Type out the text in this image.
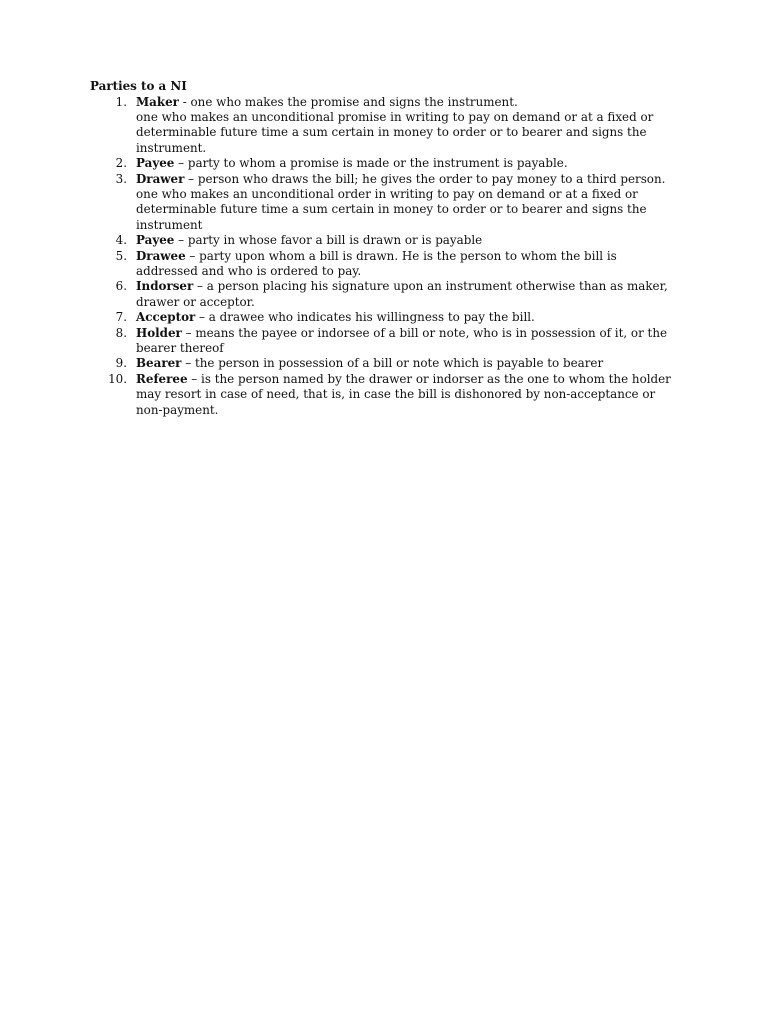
Parties to a NI

1. Maker - one who makes the promise and signs the instrument.
one who makes an unconditional promise in writing to pay on demand or at a fixed or determinable future time a sum certain in money to order or to bearer and signs the instrument.
2. Payee – party to whom a promise is made or the instrument is payable.
3. Drawer – person who draws the bill; he gives the order to pay money to a third person.
one who makes an unconditional order in writing to pay on demand or at a fixed or determinable future time a sum certain in money to order or to bearer and signs the instrument
4. Payee – party in whose favor a bill is drawn or is payable
5. Drawee – party upon whom a bill is drawn. He is the person to whom the bill is addressed and who is ordered to pay.
6. Indorser – a person placing his signature upon an instrument otherwise than as maker, drawer or acceptor.
7. Acceptor – a drawee who indicates his willingness to pay the bill.
8. Holder – means the payee or indorsee of a bill or note, who is in possession of it, or the bearer thereof
9. Bearer – the person in possession of a bill or note which is payable to bearer
10. Referee – is the person named by the drawer or indorser as the one to whom the holder may resort in case of need, that is, in case the bill is dishonored by non-acceptance or non-payment.
